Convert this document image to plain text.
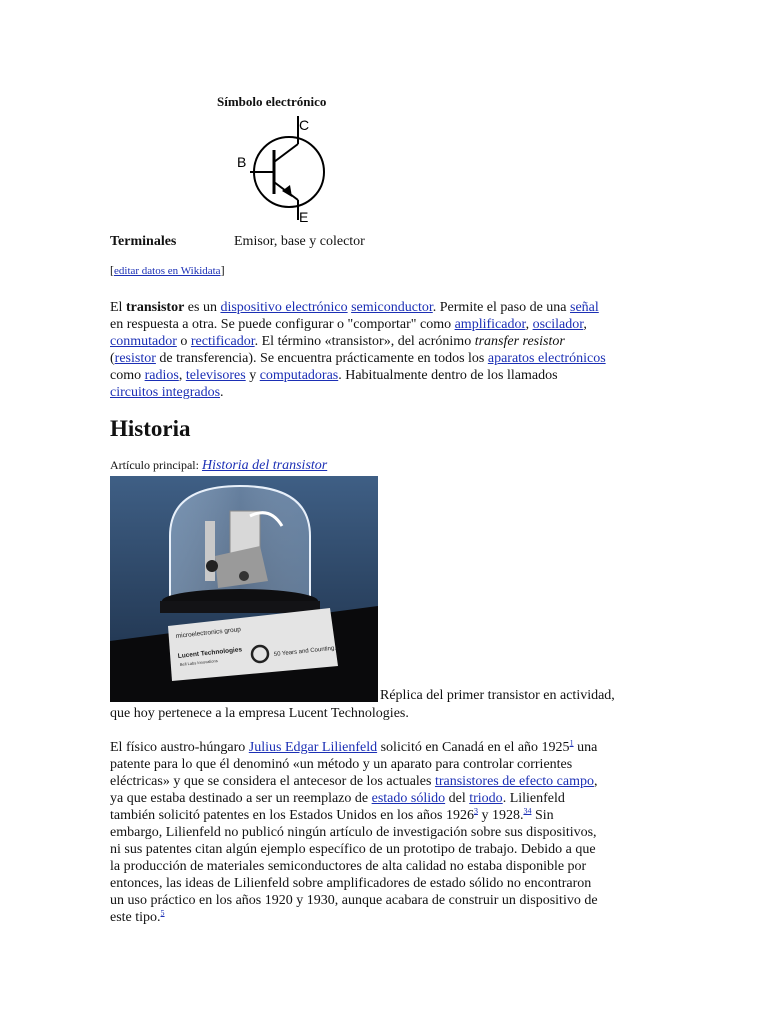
Símbolo electrónico
C
B
E
Terminales	Emisor, base y colector
[editar datos en Wikidata]
El transistor es un dispositivo electrónico semiconductor. Permite el paso de una señal
en respuesta a otra. Se puede configurar o "comportar" como amplificador, oscilador,
conmutador o rectificador. El término «transistor», del acrónimo transfer resistor
(resistor de transferencia). Se encuentra prácticamente en todos los aparatos electrónicos
como radios, televisores y computadoras. Habitualmente dentro de los llamados
circuitos integrados.
Historia
Artículo principal: Historia del transistor
microelectronics group
Lucent Technologies
Bell Labs Innovations
50 Years and Counting...
Réplica del primer transistor en actividad,
que hoy pertenece a la empresa Lucent Technologies.
El físico austro-húngaro Julius Edgar Lilienfeld solicitó en Canadá en el año 1925$^1$ una
patente para lo que él denominó «un método y un aparato para controlar corrientes
eléctricas» y que se considera el antecesor de los actuales transistores de efecto campo,
ya que estaba destinado a ser un reemplazo de estado sólido del triodo. Lilienfeld
también solicitó patentes en los Estados Unidos en los años 1926$^3$ y 1928.34 Sin
embargo, Lilienfeld no publicó ningún artículo de investigación sobre sus dispositivos,
ni sus patentes citan algún ejemplo específico de un prototipo de trabajo. Debido a que
la producción de materiales semiconductores de alta calidad no estaba disponible por
entonces, las ideas de Lilienfeld sobre amplificadores de estado sólido no encontraron
un uso práctico en los años 1920 y 1930, aunque acabara de construir un dispositivo de
este tipo.$^5$
